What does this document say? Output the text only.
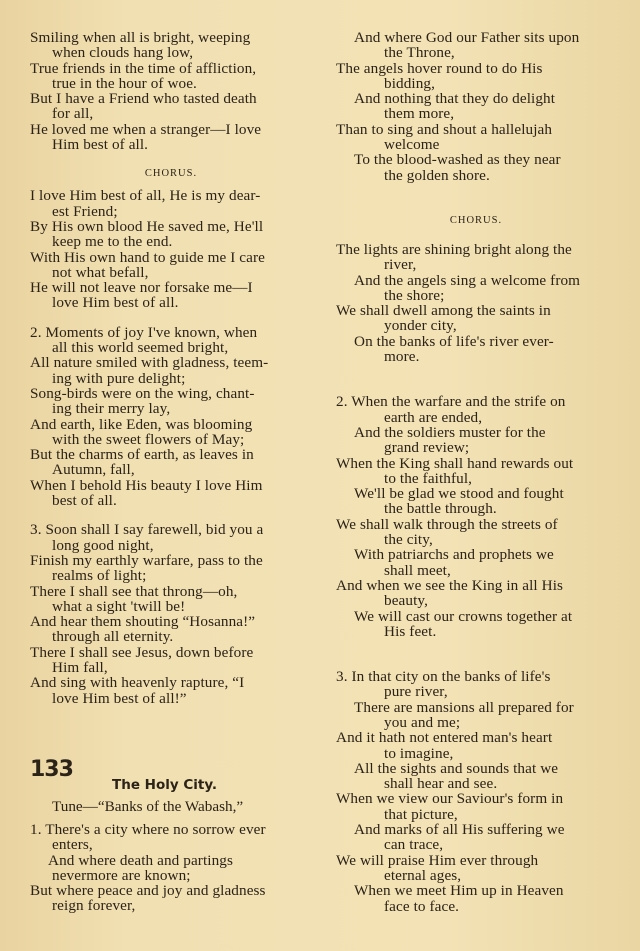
Smiling when all is bright, weeping
when clouds hang low,
True friends in the time of affliction,
true in the hour of woe.
But I have a Friend who tasted death
for all,
He loved me when a stranger—I love
Him best of all.
CHORUS.
I love Him best of all, He is my dear-
est Friend;
By His own blood He saved me, He'll
keep me to the end.
With His own hand to guide me I care
not what befall,
He will not leave nor forsake me—I
love Him best of all.
2. Moments of joy I've known, when
all this world seemed bright,
All nature smiled with gladness, teem-
ing with pure delight;
Song-birds were on the wing, chant-
ing their merry lay,
And earth, like Eden, was blooming
with the sweet flowers of May;
But the charms of earth, as leaves in
Autumn, fall,
When I behold His beauty I love Him
best of all.
3. Soon shall I say farewell, bid you a
long good night,
Finish my earthly warfare, pass to the
realms of light;
There I shall see that throng—oh,
what a sight 'twill be!
And hear them shouting “Hosanna!”
through all eternity.
There I shall see Jesus, down before
Him fall,
And sing with heavenly rapture, “I
love Him best of all!”
133
The Holy City.
Tune—“Banks of the Wabash,”
1. There's a city where no sorrow ever
enters,
And where death and partings
nevermore are known;
But where peace and joy and gladness
reign forever,
And where God our Father sits upon
the Throne,
The angels hover round to do His
bidding,
And nothing that they do delight
them more,
Than to sing and shout a hallelujah
welcome
To the blood-washed as they near
the golden shore.
CHORUS.
The lights are shining bright along the
river,
And the angels sing a welcome from
the shore;
We shall dwell among the saints in
yonder city,
On the banks of life's river ever-
more.
2. When the warfare and the strife on
earth are ended,
And the soldiers muster for the
grand review;
When the King shall hand rewards out
to the faithful,
We'll be glad we stood and fought
the battle through.
We shall walk through the streets of
the city,
With patriarchs and prophets we
shall meet,
And when we see the King in all His
beauty,
We will cast our crowns together at
His feet.
3. In that city on the banks of life's
pure river,
There are mansions all prepared for
you and me;
And it hath not entered man's heart
to imagine,
All the sights and sounds that we
shall hear and see.
When we view our Saviour's form in
that picture,
And marks of all His suffering we
can trace,
We will praise Him ever through
eternal ages,
When we meet Him up in Heaven
face to face.
